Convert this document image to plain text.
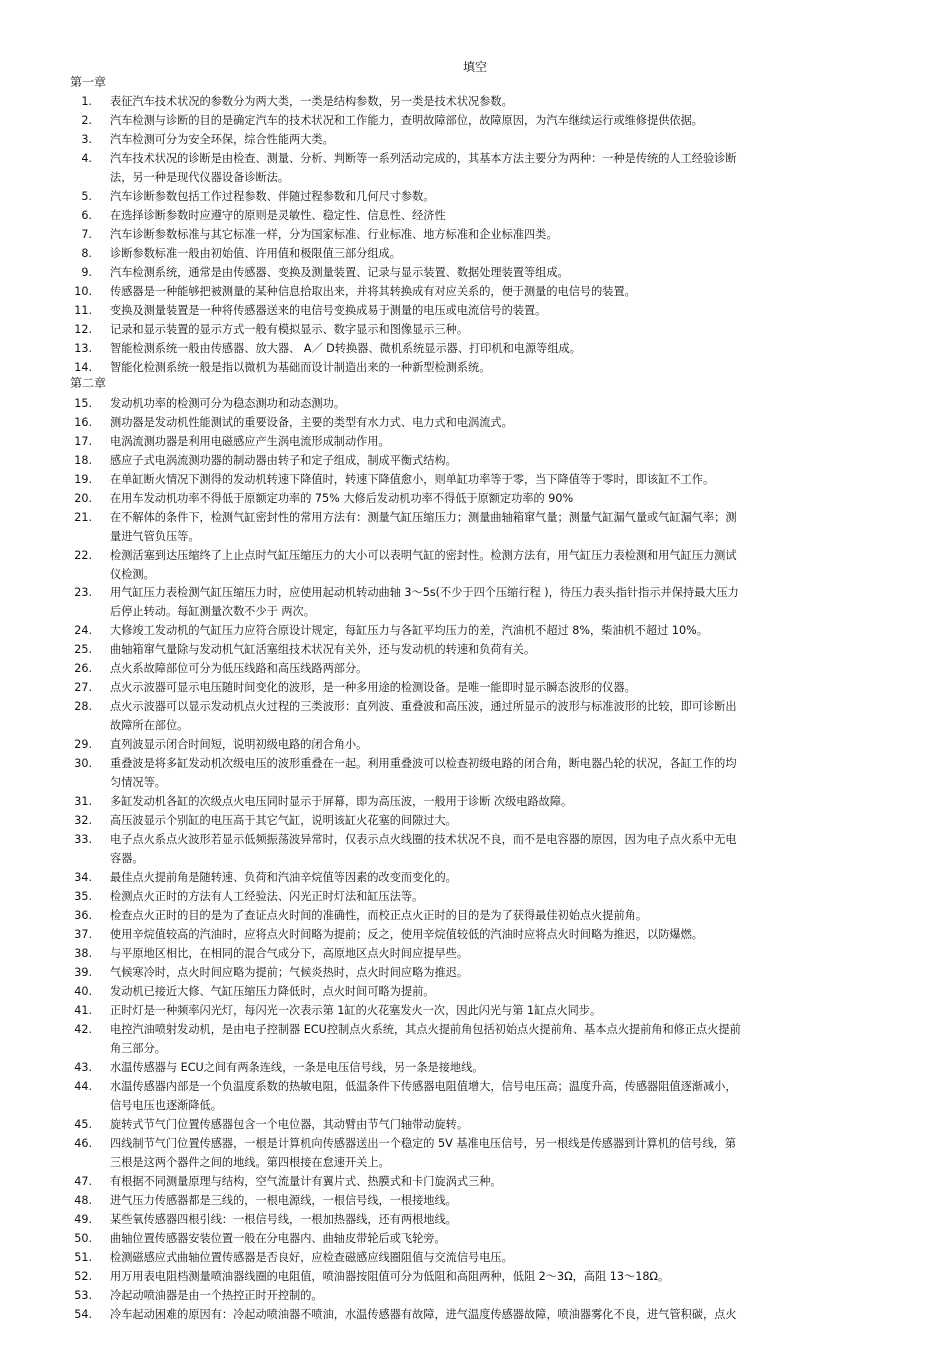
填空
第一章
第二章
1. 表征汽车技术状况的参数分为两大类，一类是结构参数，另一类是技术状况参数。
2. 汽车检测与诊断的目的是确定汽车的技术状况和工作能力，查明故障部位，故障原因，为汽车继续运行或维修提供依据。
3. 汽车检测可分为安全环保，综合性能两大类。
4. 汽车技术状况的诊断是由检查、测量、分析、判断等一系列活动完成的，其基本方法主要分为两种：一种是传统的人工经验诊断
法，另一种是现代仪器设备诊断法。
5. 汽车诊断参数包括工作过程参数、伴随过程参数和几何尺寸参数。
6. 在选择诊断参数时应遵守的原则是灵敏性、稳定性、信息性、经济性
7. 汽车诊断参数标准与其它标准一样，分为国家标准、行业标准、地方标准和企业标准四类。
8. 诊断参数标准一般由初始值、许用值和极限值三部分组成。
9. 汽车检测系统，通常是由传感器、变换及测量装置、记录与显示装置、数据处理装置等组成。
10. 传感器是一种能够把被测量的某种信息拾取出来，并将其转换成有对应关系的，便于测量的电信号的装置。
11. 变换及测量装置是一种将传感器送来的电信号变换成易于测量的电压或电流信号的装置。
12. 记录和显示装置的显示方式一般有模拟显示、数字显示和图像显示三种。
13. 智能检测系统一般由传感器、放大器、 A／ D转换器、微机系统显示器、打印机和电源等组成。
14. 智能化检测系统一般是指以微机为基础而设计制造出来的一种新型检测系统。
15. 发动机功率的检测可分为稳态测功和动态测功。
16. 测功器是发动机性能测试的重要设备，主要的类型有水力式、电力式和电涡流式。
17. 电涡流测功器是利用电磁感应产生涡电流形成制动作用。
18. 感应子式电涡流测功器的制动器由转子和定子组成，制成平衡式结构。
19. 在单缸断火情况下测得的发动机转速下降值时，转速下降值愈小，则单缸功率等于零，当下降值等于零时，即该缸不工作。
20. 在用车发动机功率不得低于原额定功率的 75% 大修后发动机功率不得低于原额定功率的 90%
21. 在不解体的条件下，检测气缸密封性的常用方法有：测量气缸压缩压力；测量曲轴箱窜气量；测量气缸漏气量或气缸漏气率；测
量进气管负压等。
22. 检测活塞到达压缩终了上止点时气缸压缩压力的大小可以表明气缸的密封性。检测方法有，用气缸压力表检测和用气缸压力测试
仪检测。
23. 用气缸压力表检测气缸压缩压力时，应使用起动机转动曲轴 3～5s(不少于四个压缩行程 )，待压力表头指针指示并保持最大压力
后停止转动。每缸测量次数不少于 两次。
24. 大修竣工发动机的气缸压力应符合原设计规定，每缸压力与各缸平均压力的差，汽油机不超过 8%，柴油机不超过 10%。
25. 曲轴箱窜气量除与发动机气缸活塞组技术状况有关外，还与发动机的转速和负荷有关。
26. 点火系故障部位可分为低压线路和高压线路两部分。
27. 点火示波器可显示电压随时间变化的波形，是一种多用途的检测设备。是唯一能即时显示瞬态波形的仪器。
28. 点火示波器可以显示发动机点火过程的三类波形：直列波、重叠波和高压波，通过所显示的波形与标准波形的比较，即可诊断出
故障所在部位。
29. 直列波显示闭合时间短，说明初级电路的闭合角小。
30. 重叠波是将多缸发动机次级电压的波形重叠在一起。利用重叠波可以检查初级电路的闭合角，断电器凸轮的状况，各缸工作的均
匀情况等。
31. 多缸发动机各缸的次级点火电压同时显示于屏幕，即为高压波，一般用于诊断 次级电路故障。
32. 高压波显示个别缸的电压高于其它气缸，说明该缸火花塞的间隙过大。
33. 电子点火系点火波形若显示低频振荡波异常时，仅表示点火线圈的技术状况不良，而不是电容器的原因，因为电子点火系中无电
容器。
34. 最佳点火提前角是随转速、负荷和汽油辛烷值等因素的改变而变化的。
35. 检测点火正时的方法有人工经验法、闪光正时灯法和缸压法等。
36. 检查点火正时的目的是为了查证点火时间的准确性，而校正点火正时的目的是为了获得最佳初始点火提前角。
37. 使用辛烷值较高的汽油时，应将点火时间略为提前；反之，使用辛烷值较低的汽油时应将点火时间略为推迟，以防爆燃。
38. 与平原地区相比，在相同的混合气成分下，高原地区点火时间应提早些。
39. 气候寒冷时，点火时间应略为提前；气候炎热时，点火时间应略为推迟。
40. 发动机已接近大修、气缸压缩压力降低时，点火时间可略为提前。
41. 正时灯是一种频率闪光灯，每闪光一次表示第 1缸的火花塞发火一次，因此闪光与第 1缸点火同步。
42. 电控汽油喷射发动机，是由电子控制器 ECU控制点火系统，其点火提前角包括初始点火提前角、基本点火提前角和修正点火提前
角三部分。
43. 水温传感器与 ECU之间有两条连线，一条是电压信号线，另一条是接地线。
44. 水温传感器内部是一个负温度系数的热敏电阻，低温条件下传感器电阻值增大，信号电压高；温度升高，传感器阻值逐渐减小，
信号电压也逐渐降低。
45. 旋转式节气门位置传感器包含一个电位器，其动臂由节气门轴带动旋转。
46. 四线制节气门位置传感器，一根是计算机向传感器送出一个稳定的 5V 基准电压信号，另一根线是传感器到计算机的信号线，第
三根是这两个器件之间的地线。第四根接在怠速开关上。
47. 有根据不同测量原理与结构，空气流量计有翼片式、热膜式和卡门旋涡式三种。
48. 进气压力传感器都是三线的，一根电源线，一根信号线，一根接地线。
49. 某些氧传感器四根引线：一根信号线，一根加热器线，还有两根地线。
50. 曲轴位置传感器安装位置一般在分电器内、曲轴皮带轮后或飞轮旁。
51. 检测磁感应式曲轴位置传感器是否良好，应检查磁感应线圈阻值与交流信号电压。
52. 用万用表电阻档测量喷油器线圈的电阻值，喷油器按阻值可分为低阻和高阻两种，低阻 2～3Ω，高阻 13～18Ω。
53. 冷起动喷油器是由一个热控正时开控制的。
54. 冷车起动困难的原因有：冷起动喷油器不喷油，水温传感器有故障，进气温度传感器故障，喷油器雾化不良，进气管积碳，点火
